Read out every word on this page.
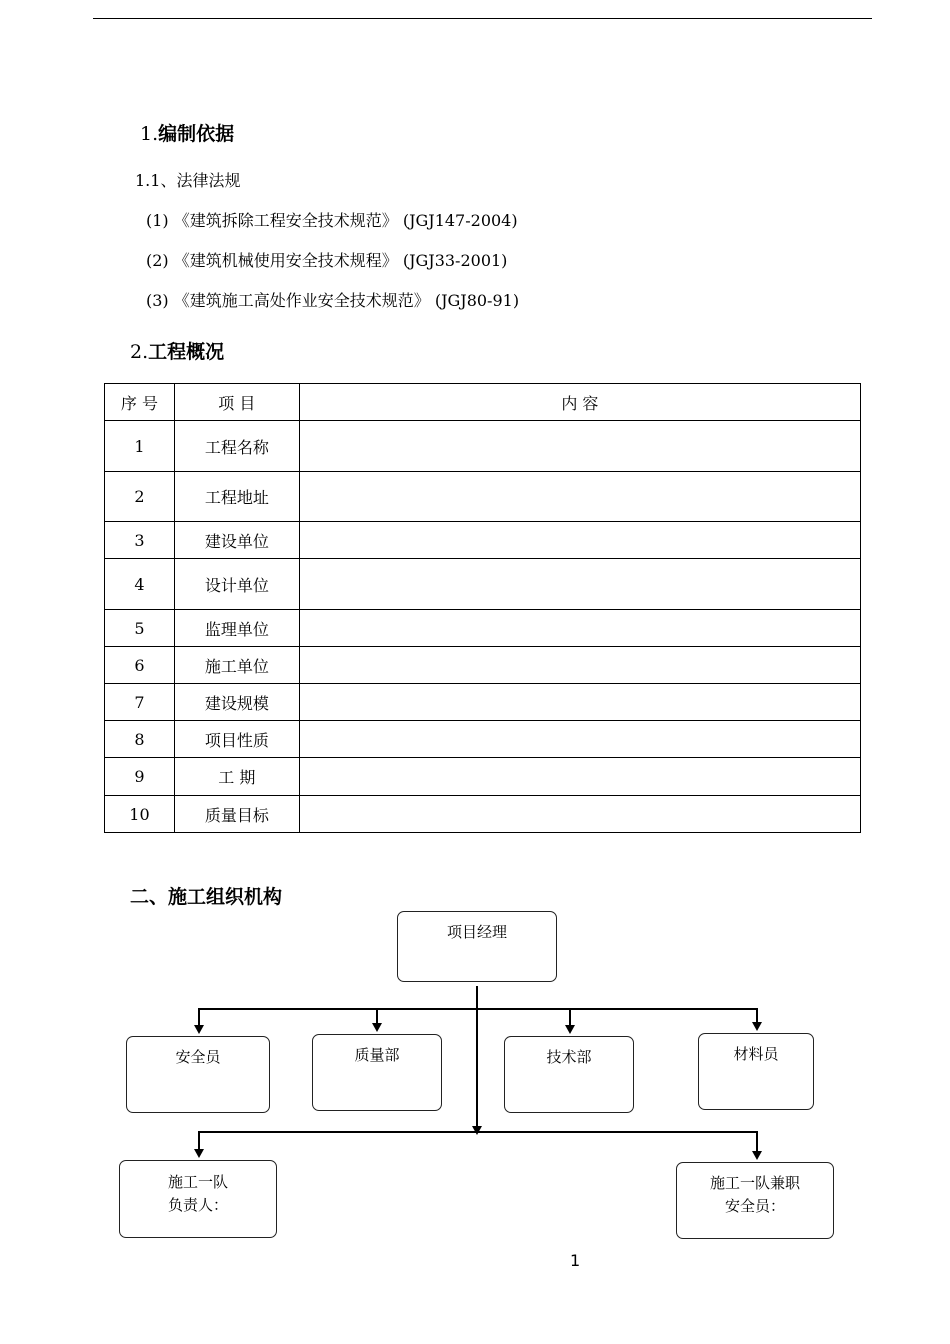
1.编制依据
1.1、法律法规
(1) 《建筑拆除工程安全技术规范》 (JGJ147-2004)
(2) 《建筑机械使用安全技术规程》 (JGJ33-2001)
(3) 《建筑施工高处作业安全技术规范》 (JGJ80-91)
2.工程概况
序 号	项 目	内 容
1	工程名称	
2	工程地址	
3	建设单位	
4	设计单位	
5	监理单位	
6	施工单位	
7	建设规模	
8	项目性质	
9	工 期	
10	质量目标	
二、施工组织机构
项目经理
安全员	质量部	技术部	材料员
施工一队
负责人：
施工一队兼职
安全员：
1
